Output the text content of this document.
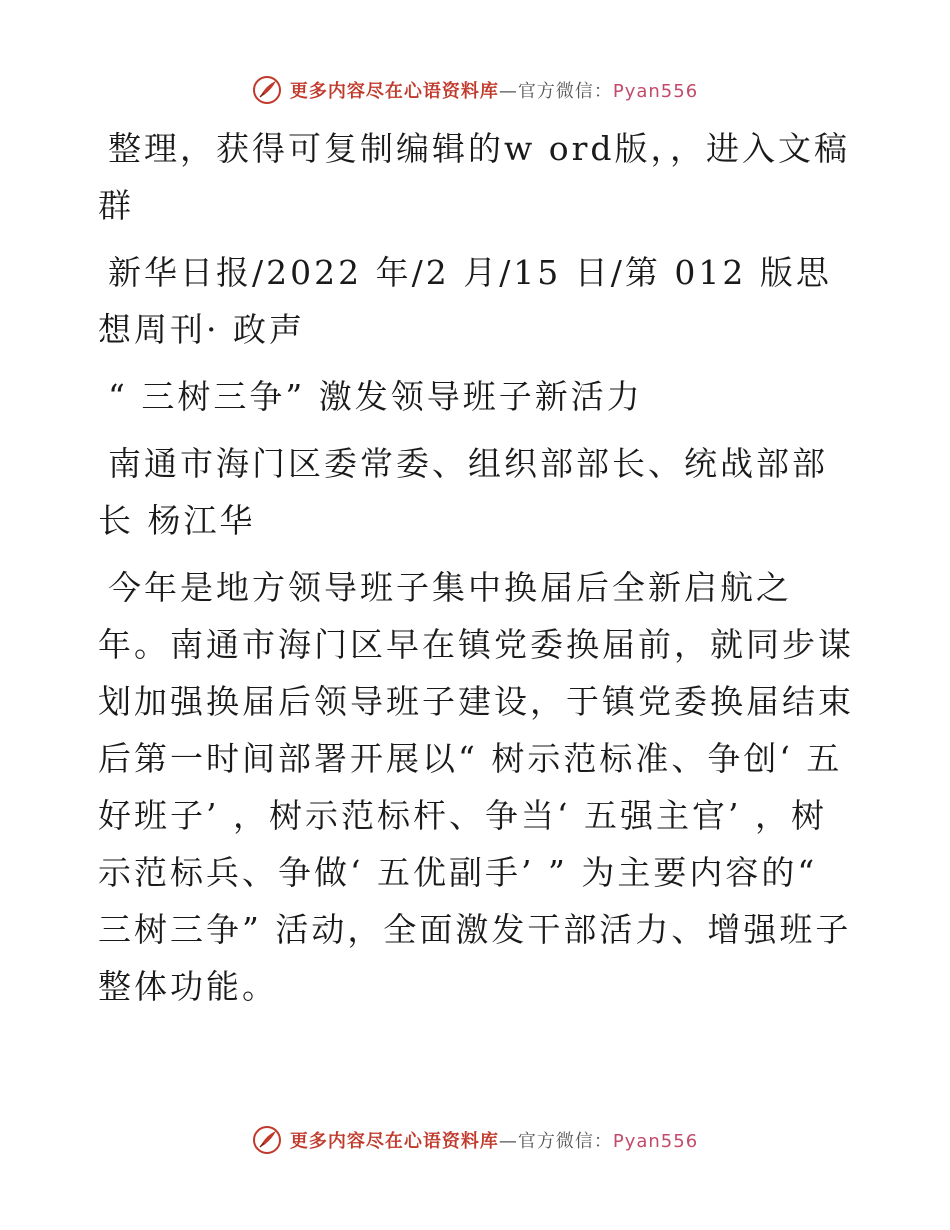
更多内容尽在心语资料库—官方微信：Pyan556

整理，获得可复制编辑的w ord版，，进入文稿群

新华日报/2022 年/2 月/15 日/第 012 版思想周刊· 政声

“ 三树三争” 激发领导班子新活力

南通市海门区委常委、组织部部长、统战部部长 杨江华

今年是地方领导班子集中换届后全新启航之年。南通市海门区早在镇党委换届前，就同步谋划加强换届后领导班子建设，于镇党委换届结束后第一时间部署开展以“ 树示范标准、争创‘ 五好班子’ ，树示范标杆、争当‘ 五强主官’ ，树示范标兵、争做‘ 五优副手’ ” 为主要内容的“ 三树三争” 活动，全面激发干部活力、增强班子整体功能。

更多内容尽在心语资料库—官方微信：Pyan556
